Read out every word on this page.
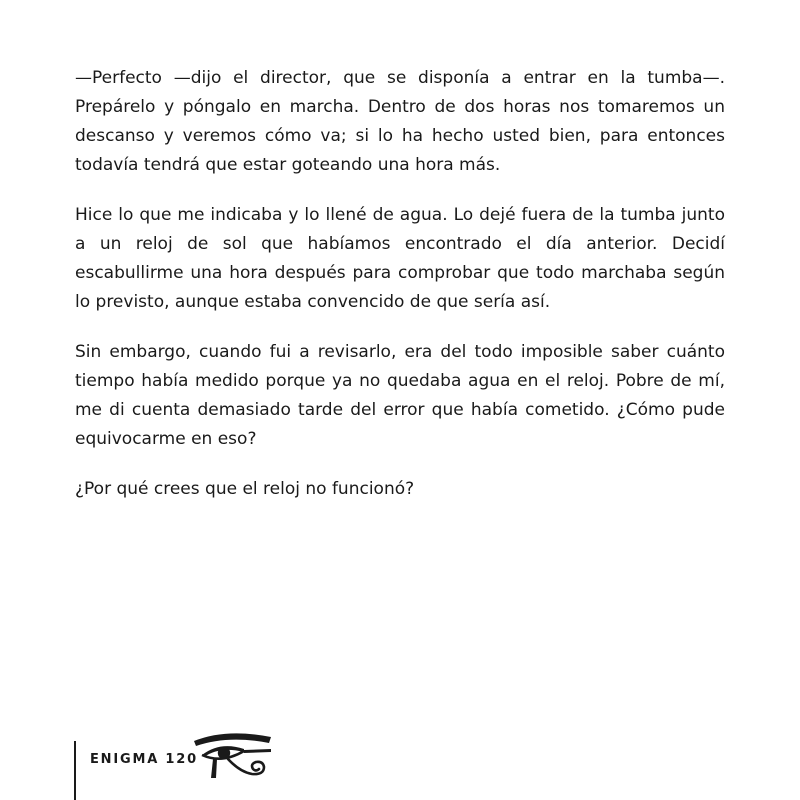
—Perfecto —dijo el director, que se disponía a entrar en la tumba—. Prepárelo y póngalo en marcha. Dentro de dos horas nos tomaremos un descanso y veremos cómo va; si lo ha hecho usted bien, para entonces todavía tendrá que estar goteando una hora más.

Hice lo que me indicaba y lo llené de agua. Lo dejé fuera de la tumba junto a un reloj de sol que habíamos encontrado el día anterior. Decidí escabullirme una hora después para comprobar que todo marchaba según lo previsto, aunque estaba convencido de que sería así.

Sin embargo, cuando fui a revisarlo, era del todo imposible saber cuánto tiempo había medido porque ya no quedaba agua en el reloj. Pobre de mí, me di cuenta demasiado tarde del error que había cometido. ¿Cómo pude equivocarme en eso?

¿Por qué crees que el reloj no funcionó?

ENIGMA 120
